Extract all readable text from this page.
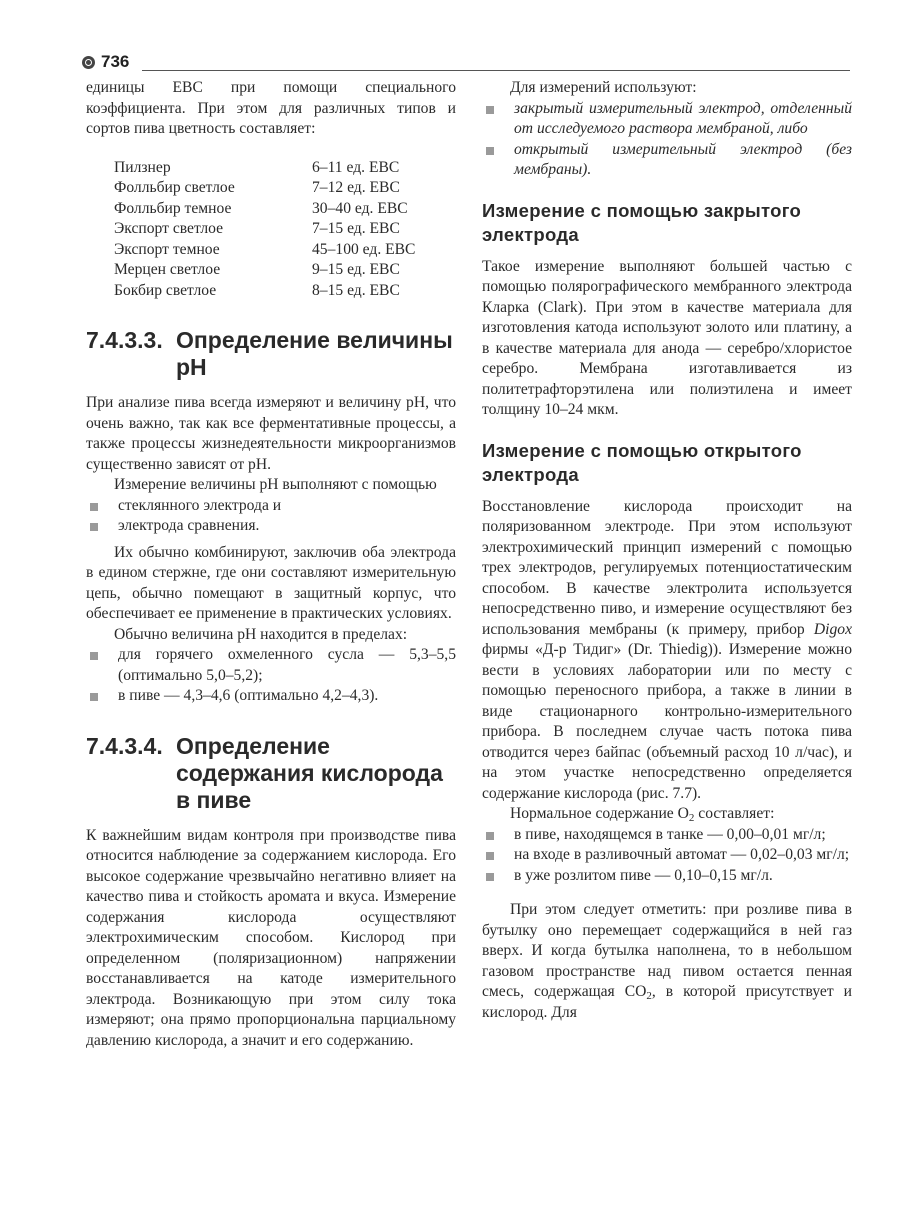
736

единицы EBC при помощи специального коэффициента. При этом для различных типов и сортов пива цветность составляет:

Пилзнер	6–11 ед. EBC
Фолльбир светлое	7–12 ед. EBC
Фолльбир темное	30–40 ед. EBC
Экспорт светлое	7–15 ед. EBC
Экспорт темное	45–100 ед. EBC
Мерцен светлое	9–15 ед. EBC
Бокбир светлое	8–15 ед. EBC
7.4.3.3. Определение величины pH

При анализе пива всегда измеряют и величину pH, что очень важно, так как все ферментативные процессы, а также процессы жизнедеятельности микроорганизмов существенно зависят от pH.

Измерение величины pH выполняют с помощью

стеклянного электрода и
электрода сравнения.

Их обычно комбинируют, заключив оба электрода в едином стержне, где они составляют измерительную цепь, обычно помещают в защитный корпус, что обеспечивает ее применение в практических условиях.

Обычно величина pH находится в пределах:

для горячего охмеленного сусла — 5,3–5,5 (оптимально 5,0–5,2);
в пиве — 4,3–4,6 (оптимально 4,2–4,3).
7.4.3.4. Определение содержания кислорода в пиве

К важнейшим видам контроля при производстве пива относится наблюдение за содержанием кислорода. Его высокое содержание чрезвычайно негативно влияет на качество пива и стойкость аромата и вкуса. Измерение содержания кислорода осуществляют электрохимическим способом. Кислород при определенном (поляризационном) напряжении восстанавливается на катоде измерительного электрода. Возникающую при этом силу тока измеряют; она прямо пропорциональна парциальному давлению кислорода, а значит и его содержанию.

Для измерений используют:

закрытый измерительный электрод, отделенный от исследуемого раствора мембраной, либо
открытый измерительный электрод (без мембраны).
Измерение с помощью закрытого электрода

Такое измерение выполняют большей частью с помощью полярографического мембранного электрода Кларка (Clark). При этом в качестве материала для изготовления катода используют золото или платину, а в качестве материала для анода — серебро/хлористое серебро. Мембрана изготавливается из политетрафторэтилена или полиэтилена и имеет толщину 10–24 мкм.

Измерение с помощью открытого электрода

Восстановление кислорода происходит на поляризованном электроде. При этом используют электрохимический принцип измерений с помощью трех электродов, регулируемых потенциостатическим способом. В качестве электролита используется непосредственно пиво, и измерение осуществляют без использования мембраны (к примеру, прибор Digox фирмы «Д-р Тидиг» (Dr. Thiedig)). Измерение можно вести в условиях лаборатории или по месту с помощью переносного прибора, а также в линии в виде стационарного контрольно-измерительного прибора. В последнем случае часть потока пива отводится через байпас (объемный расход 10 л/час), и на этом участке непосредственно определяется содержание кислорода (рис. 7.7).

Нормальное содержание $O_2$ составляет:

в пиве, находящемся в танке — 0,00–0,01 мг/л;
на входе в разливочный автомат — 0,02–0,03 мг/л;
в уже розлитом пиве — 0,10–0,15 мг/л.

При этом следует отметить: при розливе пива в бутылку оно перемещает содержащийся в ней газ вверх. И когда бутылка наполнена, то в небольшом газовом пространстве над пивом остается пенная смесь, содержащая $CO_2$, в которой присутствует и кислород. Для
